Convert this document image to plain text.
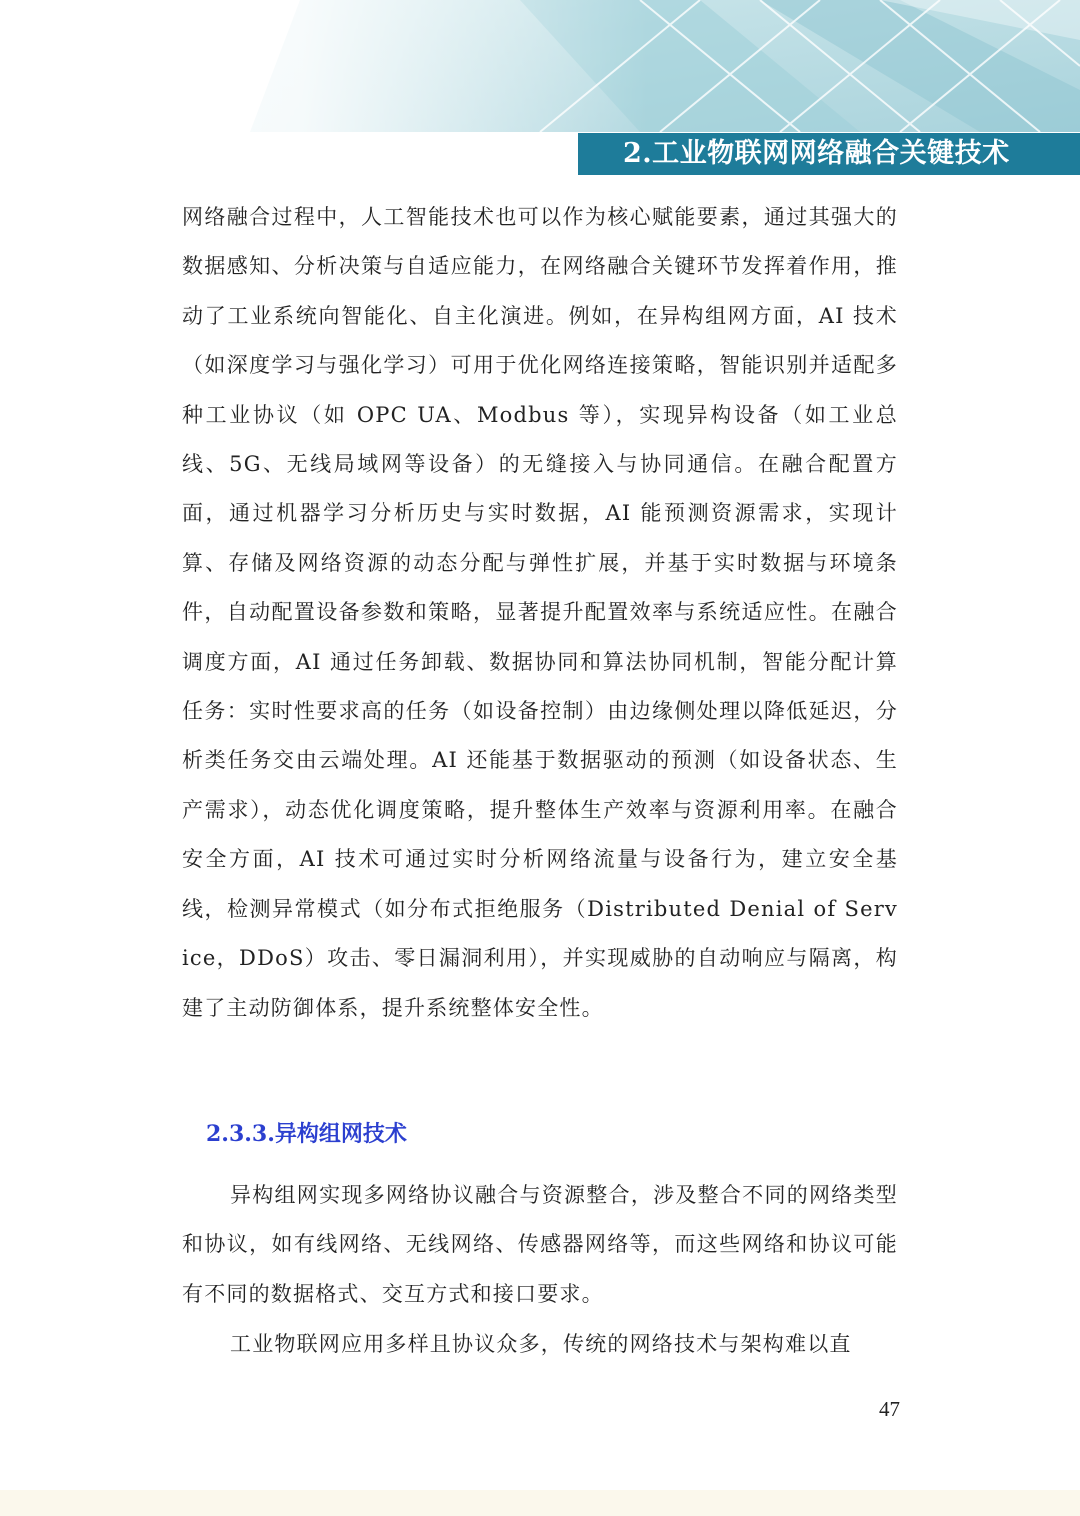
2.工业物联网网络融合关键技术

网络融合过程中，人工智能技术也可以作为核心赋能要素，通过其强大的数据感知、分析决策与自适应能力，在网络融合关键环节发挥着作用，推动了工业系统向智能化、自主化演进。例如，在异构组网方面，AI 技术（如深度学习与强化学习）可用于优化网络连接策略，智能识别并适配多种工业协议（如 OPC UA、Modbus 等），实现异构设备（如工业总线、5G、无线局域网等设备）的无缝接入与协同通信。在融合配置方面，通过机器学习分析历史与实时数据，AI 能预测资源需求，实现计算、存储及网络资源的动态分配与弹性扩展，并基于实时数据与环境条件，自动配置设备参数和策略，显著提升配置效率与系统适应性。在融合调度方面，AI 通过任务卸载、数据协同和算法协同机制，智能分配计算任务：实时性要求高的任务（如设备控制）由边缘侧处理以降低延迟，分析类任务交由云端处理。AI 还能基于数据驱动的预测（如设备状态、生产需求），动态优化调度策略，提升整体生产效率与资源利用率。在融合安全方面，AI 技术可通过实时分析网络流量与设备行为，建立安全基线，检测异常模式（如分布式拒绝服务（Distributed Denial of Service，DDoS）攻击、零日漏洞利用），并实现威胁的自动响应与隔离，构建了主动防御体系，提升系统整体安全性。

2.3.3.异构组网技术

异构组网实现多网络协议融合与资源整合，涉及整合不同的网络类型和协议，如有线网络、无线网络、传感器网络等，而这些网络和协议可能有不同的数据格式、交互方式和接口要求。

工业物联网应用多样且协议众多，传统的网络技术与架构难以直

47
